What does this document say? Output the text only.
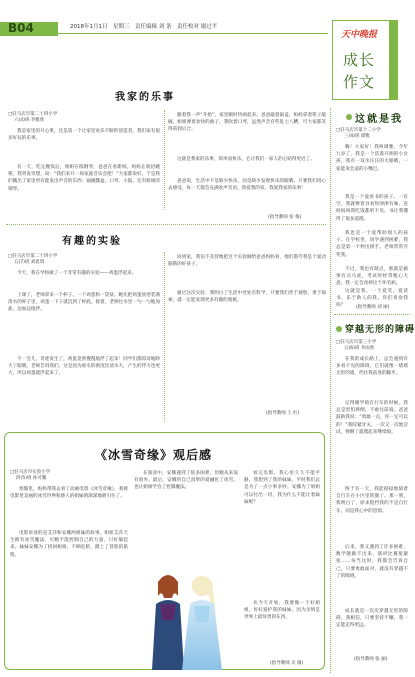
B04	2018年1月1日　星期三　责任编辑 刘 条　责任校对 谢过平
天中晚报
成长
作文
我家的乐事
□驻马店市第二十四小学
六(4)班 李雅欣
我是家里的开心果，还是第一个让家里欢乐不断的创造者，我们家有很多好玩的乐事。
有一天，吃完晚饭后，姐姐在练钢琴，爸爸在看新闻，妈妈在收拾碗筷。我突发奇想，说：“我们来开一场家庭音乐会吧！”大家都说好，于是我们搬出了家里所有能发出声音的东西：锅碗瓢盆、口琴、小鼓、还有姐姐的钢琴。
随着我一声“开始”，家里顿时热闹起来。爸爸敲着锅盖，妈妈拿着筷子敲碗，姐姐弹着欢快的曲子，我吹着口琴，虽然声音有些乱七八糟，可大家都笑得前仰后合。
这就是我家的乐事，简单而快乐，它让我们一家人的心贴得更近了。
爸爸说，生活中不是缺少快乐，而是缺少发现快乐的眼睛。只要我们用心去感受，每一天都会充满欢声笑语。我爱我的家，我爱我家的乐事！
(指导教师 张 梅)
有趣的实验
□驻马店市第二十四小学
五(7)班 刘思琪
今天，我在学校做了一个非常有趣的实验——鸡蛋浮起来。
上课了，老师拿来一个杯子、一个鸡蛋和一袋盐。她先把鸡蛋放进装满清水的杯子里，鸡蛋一下子就沉到了杯底。接着，老师往水里一勺一勺地加盐，边加边搅拌。
不一会儿，奇迹发生了，鸡蛋竟然慢慢地浮了起来！同学们都惊讶地睁大了眼睛。老师告诉我们，这是因为盐水的密度比清水大，产生的浮力也更大，所以鸡蛋就浮起来了。
回到家，我迫不及待地把这个实验做给爸爸妈妈看，他们都夸我是个爱动脑筋的好孩子。
通过这次实验，我明白了生活中处处有科学，只要我们善于观察，勇于探索，就一定能发现更多有趣的奥秘。
(指导教师 王 红)
《冰雪奇缘》观后感
□驻马店市实验小学
四(5)班 孙可馨
寒假里，妈妈带我去看了动画电影《冰雪奇缘》，我被电影里美丽的冰雪世界和感人的姐妹情深深地吸引住了。
电影讲述的是艾莎和安娜两姐妹的故事。姐姐艾莎天生拥有冰雪魔法，可她不能控制自己的力量，只好躲起来。妹妹安娜为了找回姐姐，不顾危险，踏上了冒险的旅程。
在旅途中，安娜遇到了很多困难，但她从来没有放弃。最后，安娜用自己真挚的爱融化了冰雪，也让姐姐学会了控制魔法。
看完电影，我心里久久不能平静。我想到了我的妹妹，平时我们总是为了一点小事争吵。安娜为了姐姐可以付出一切，我为什么不能让着妹妹呢？
从今天开始，我要做一个好姐姐，好好爱护我的妹妹，因为亲情是世界上最珍贵的东西。
(指导教师 吴 敏)
这就是我
□驻马店市第十二小学
三(4)班 谭雅
嗨！大家好！我叫谭雅，今年九岁了，我是一个活泼开朗的小女孩，我有一双水汪汪的大眼睛，一张能说会道的小嘴巴。
我是一个爱看书的孩子。一有空，我就捧着书看得津津有味，连妈妈叫我吃饭都听不见。书让我懂得了很多道理。
我也是一个爱帮助别人的孩子。在学校里，同学遇到困难，我总是第一个伸出援手。老师常常夸奖我。
不过，我也有缺点，那就是做事有点马虎，考试时经常粗心大意。我一定会改掉这个坏毛病。
这就是我，一个爱笑、爱读书、乐于助人的我。你们喜欢我吗？	(指导教师 刘 丽)
穿越无形的障碍
□驻马店市第三小学
五(6)班 李雨欣
在我的成长路上，总会遇到许多看不见的障碍，它们就像一堵堵无形的墙，挡住我前进的脚步。
记得刚学骑自行车的时候，我总是害怕摔倒，不敢往前骑。爸爸鼓励我说：“勇敢一点，你一定可以的！”我咬紧牙关，一次又一次地尝试，摔倒了就爬起来继续骑。
终于有一天，我能稳稳地骑着自行车在小区里转圈了。那一刻，我明白了，原来阻挡我的不是自行车，而是我心中的恐惧。
后来，我又遇到了许多困难，数学题做不出来、演讲比赛很紧张……每当这时，我都会告诉自己，只要勇敢面对，就没有穿越不了的障碍。
成长就是一次次穿越无形的障碍，我相信，只要坚持不懈，我一定能走得更远。
(指导教师 张 丽)
